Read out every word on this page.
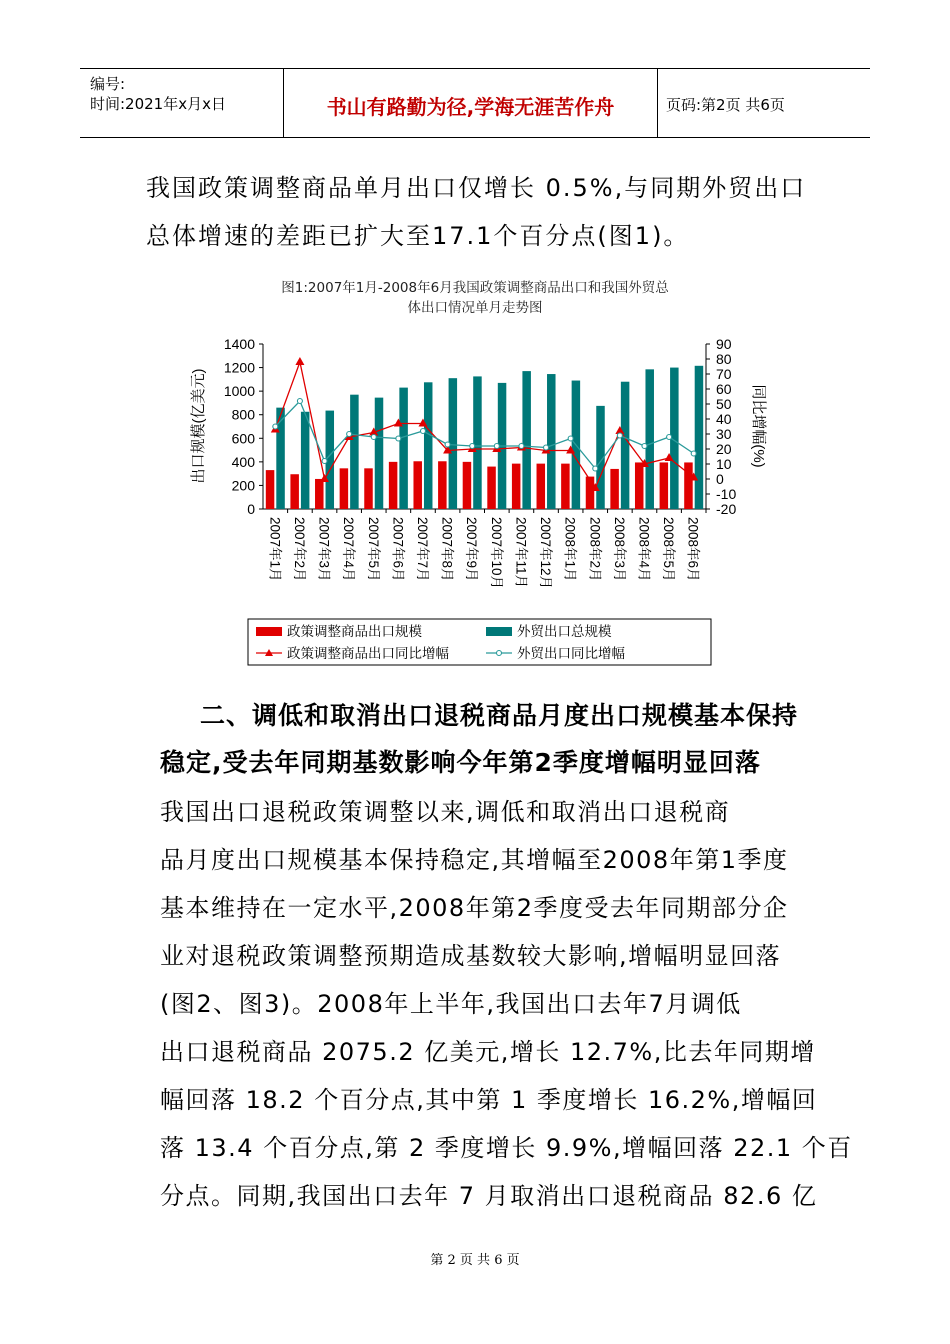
编号:
时间:2021年x月x日	书山有路勤为径,学海无涯苦作舟	页码:第2页 共6页
我国政策调整商品单月出口仅增长 0.5%,与同期外贸出口
总体增速的差距已扩大至17.1个百分点(图1)。
图1:2007年1月-2008年6月我国政策调整商品出口和我国外贸总
体出口情况单月走势图
0
200
400
600
800
1000
1200
1400
-20
-10
0
10
20
30
40
50
60
70
80
90
2007年1月 2007年2月 2007年3月 2007年4月 2007年5月 2007年6月 2007年7月 2007年8月 2007年9月 2007年10月 2007年11月 2007年12月 2008年1月 2008年2月 2008年3月 2008年4月 2008年5月 2008年6月
出口规模(亿美元)	同比增幅(%)
政策调整商品出口规模	外贸出口总规模
政策调整商品出口同比增幅	外贸出口同比增幅
二、调低和取消出口退税商品月度出口规模基本保持
稳定,受去年同期基数影响今年第2季度增幅明显回落
我国出口退税政策调整以来,调低和取消出口退税商
品月度出口规模基本保持稳定,其增幅至2008年第1季度
基本维持在一定水平,2008年第2季度受去年同期部分企
业对退税政策调整预期造成基数较大影响,增幅明显回落
(图2、图3)。2008年上半年,我国出口去年7月调低
出口退税商品 2075.2 亿美元,增长 12.7%,比去年同期增
幅回落 18.2 个百分点,其中第 1 季度增长 16.2%,增幅回
落 13.4 个百分点,第 2 季度增长 9.9%,增幅回落 22.1 个百
分点。同期,我国出口去年 7 月取消出口退税商品 82.6 亿
第 2 页 共 6 页
